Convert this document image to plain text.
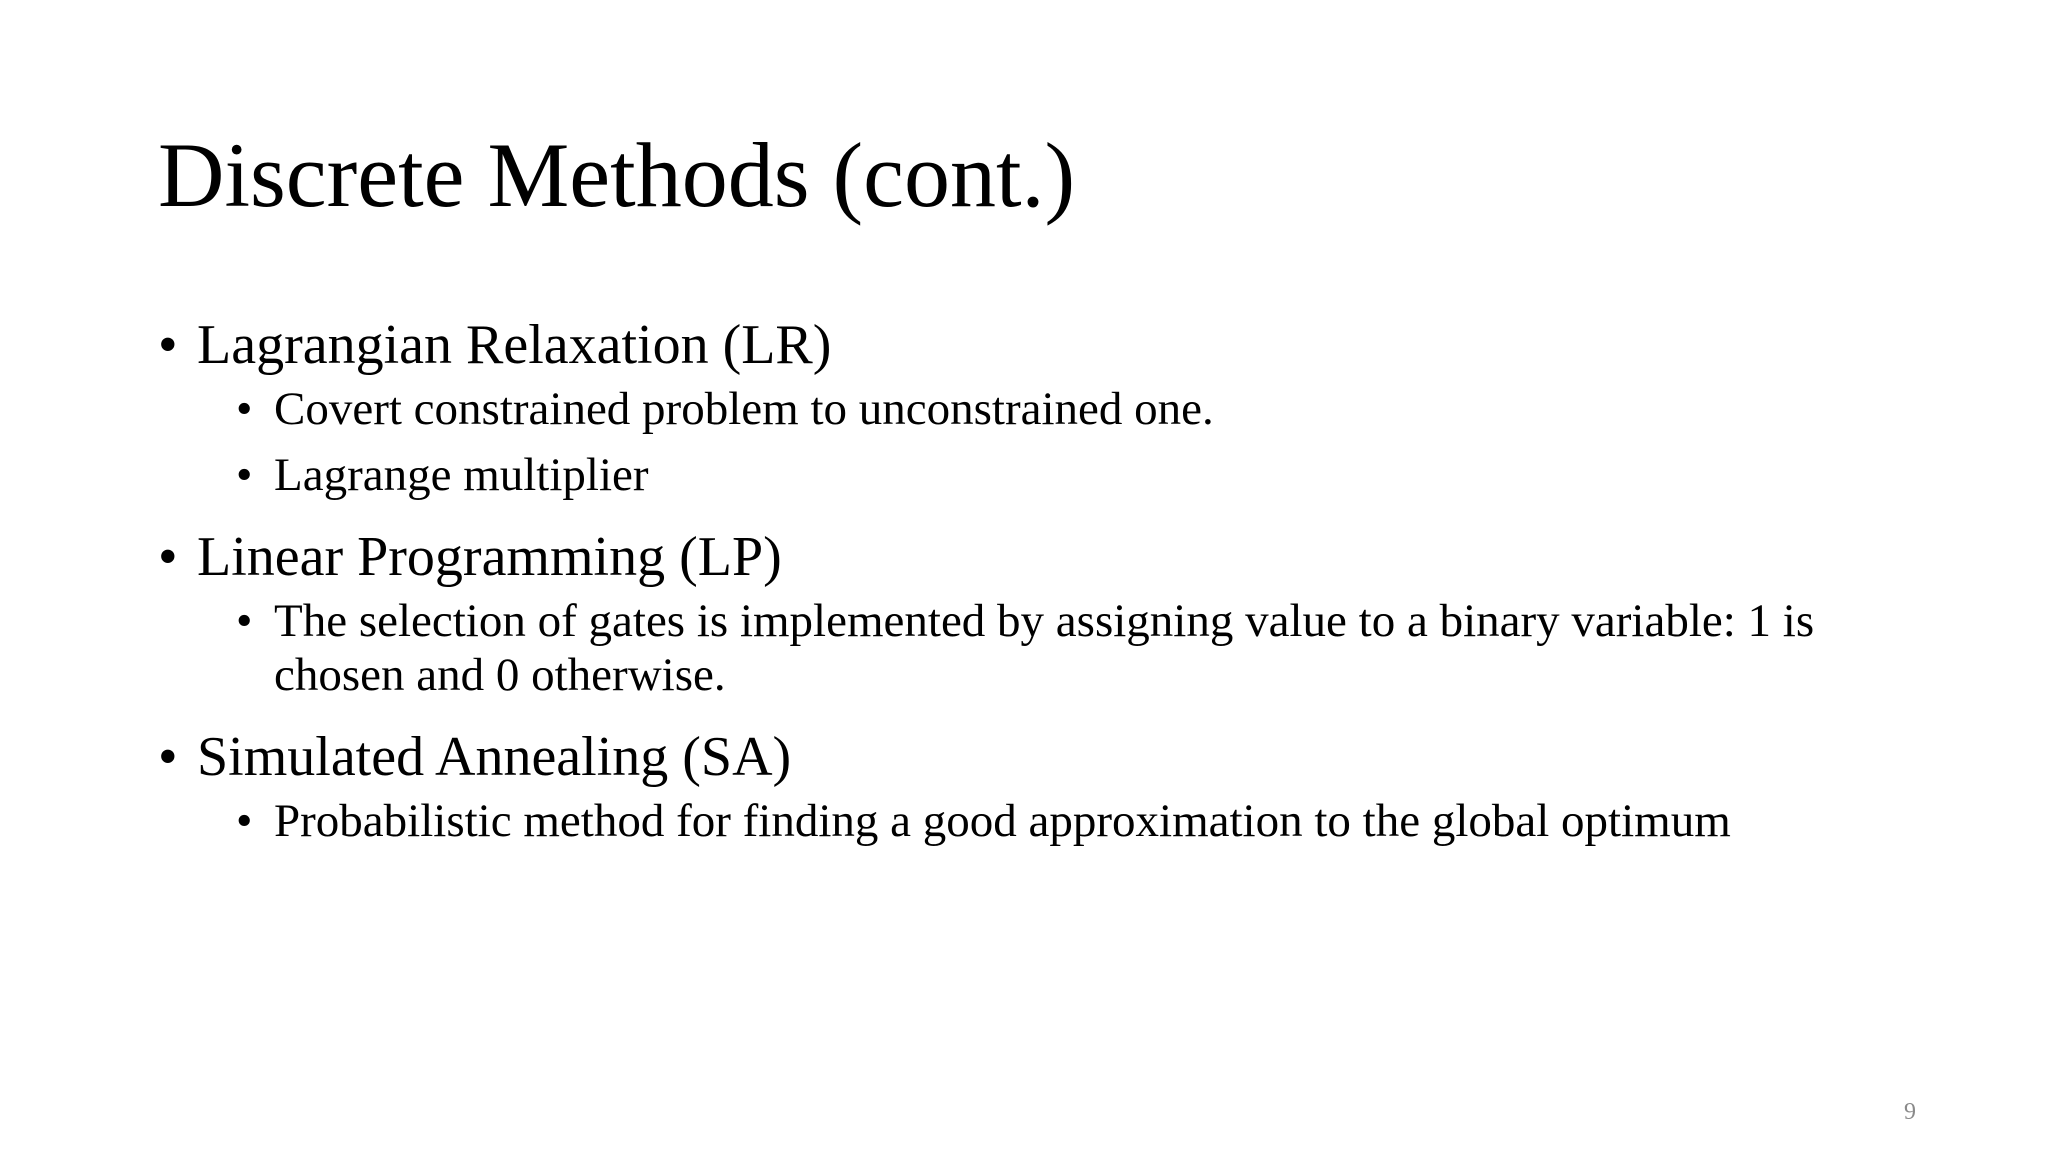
Discrete Methods (cont.)
• Lagrangian Relaxation (LR)
• Covert constrained problem to unconstrained one.
• Lagrange multiplier
• Linear Programming (LP)
• The selection of gates is implemented by assigning value to a binary variable: 1 is chosen and 0 otherwise.
• Simulated Annealing (SA)
• Probabilistic method for finding a good approximation to the global optimum
9
